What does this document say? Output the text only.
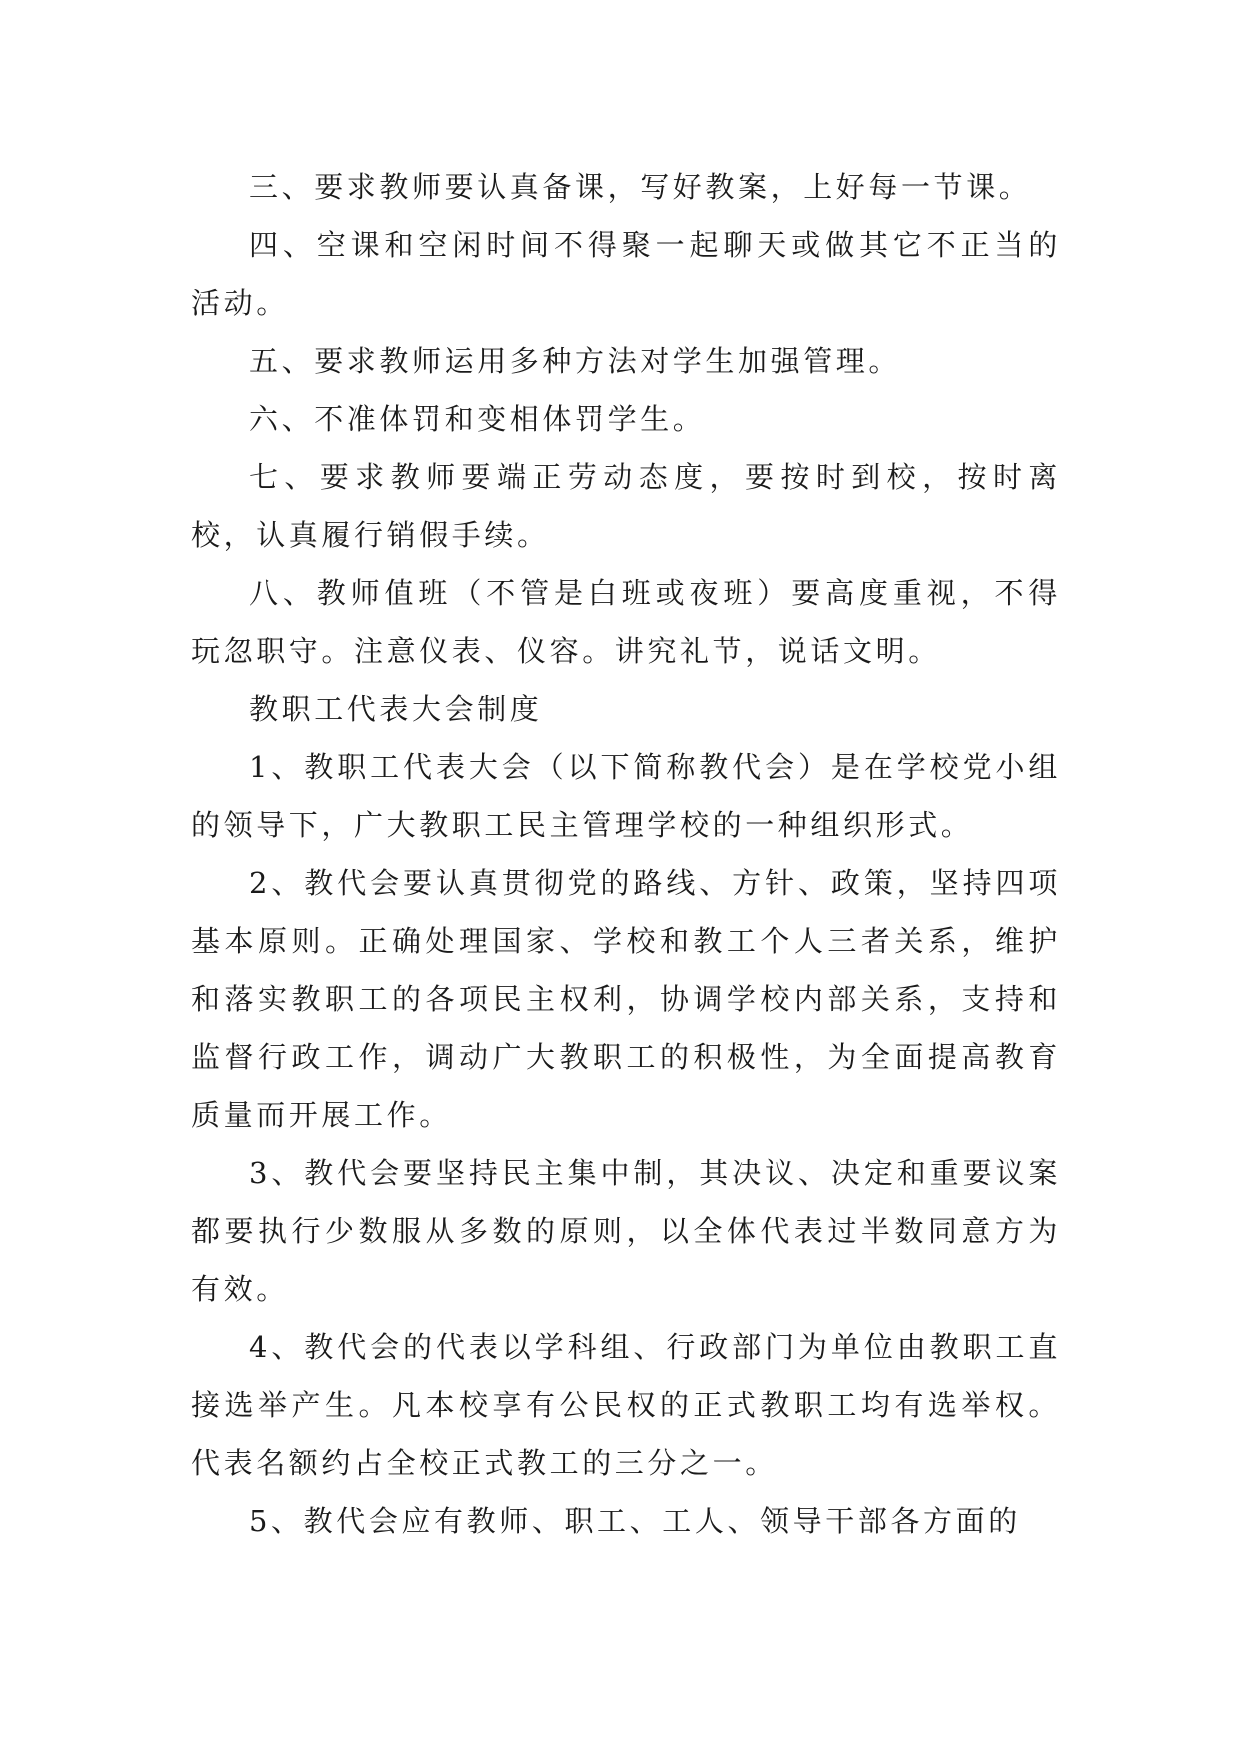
三、要求教师要认真备课，写好教案，上好每一节课。

四、空课和空闲时间不得聚一起聊天或做其它不正当的活动。

五、要求教师运用多种方法对学生加强管理。

六、不准体罚和变相体罚学生。

七、要求教师要端正劳动态度，要按时到校，按时离校，认真履行销假手续。

八、教师值班（不管是白班或夜班）要高度重视，不得玩忽职守。注意仪表、仪容。讲究礼节，说话文明。

教职工代表大会制度

1、教职工代表大会（以下简称教代会）是在学校党小组的领导下，广大教职工民主管理学校的一种组织形式。

2、教代会要认真贯彻党的路线、方针、政策，坚持四项基本原则。正确处理国家、学校和教工个人三者关系，维护和落实教职工的各项民主权利，协调学校内部关系，支持和监督行政工作，调动广大教职工的积极性，为全面提高教育质量而开展工作。

3、教代会要坚持民主集中制，其决议、决定和重要议案都要执行少数服从多数的原则，以全体代表过半数同意方为有效。

4、教代会的代表以学科组、行政部门为单位由教职工直接选举产生。凡本校享有公民权的正式教职工均有选举权。代表名额约占全校正式教工的三分之一。

5、教代会应有教师、职工、工人、领导干部各方面的
